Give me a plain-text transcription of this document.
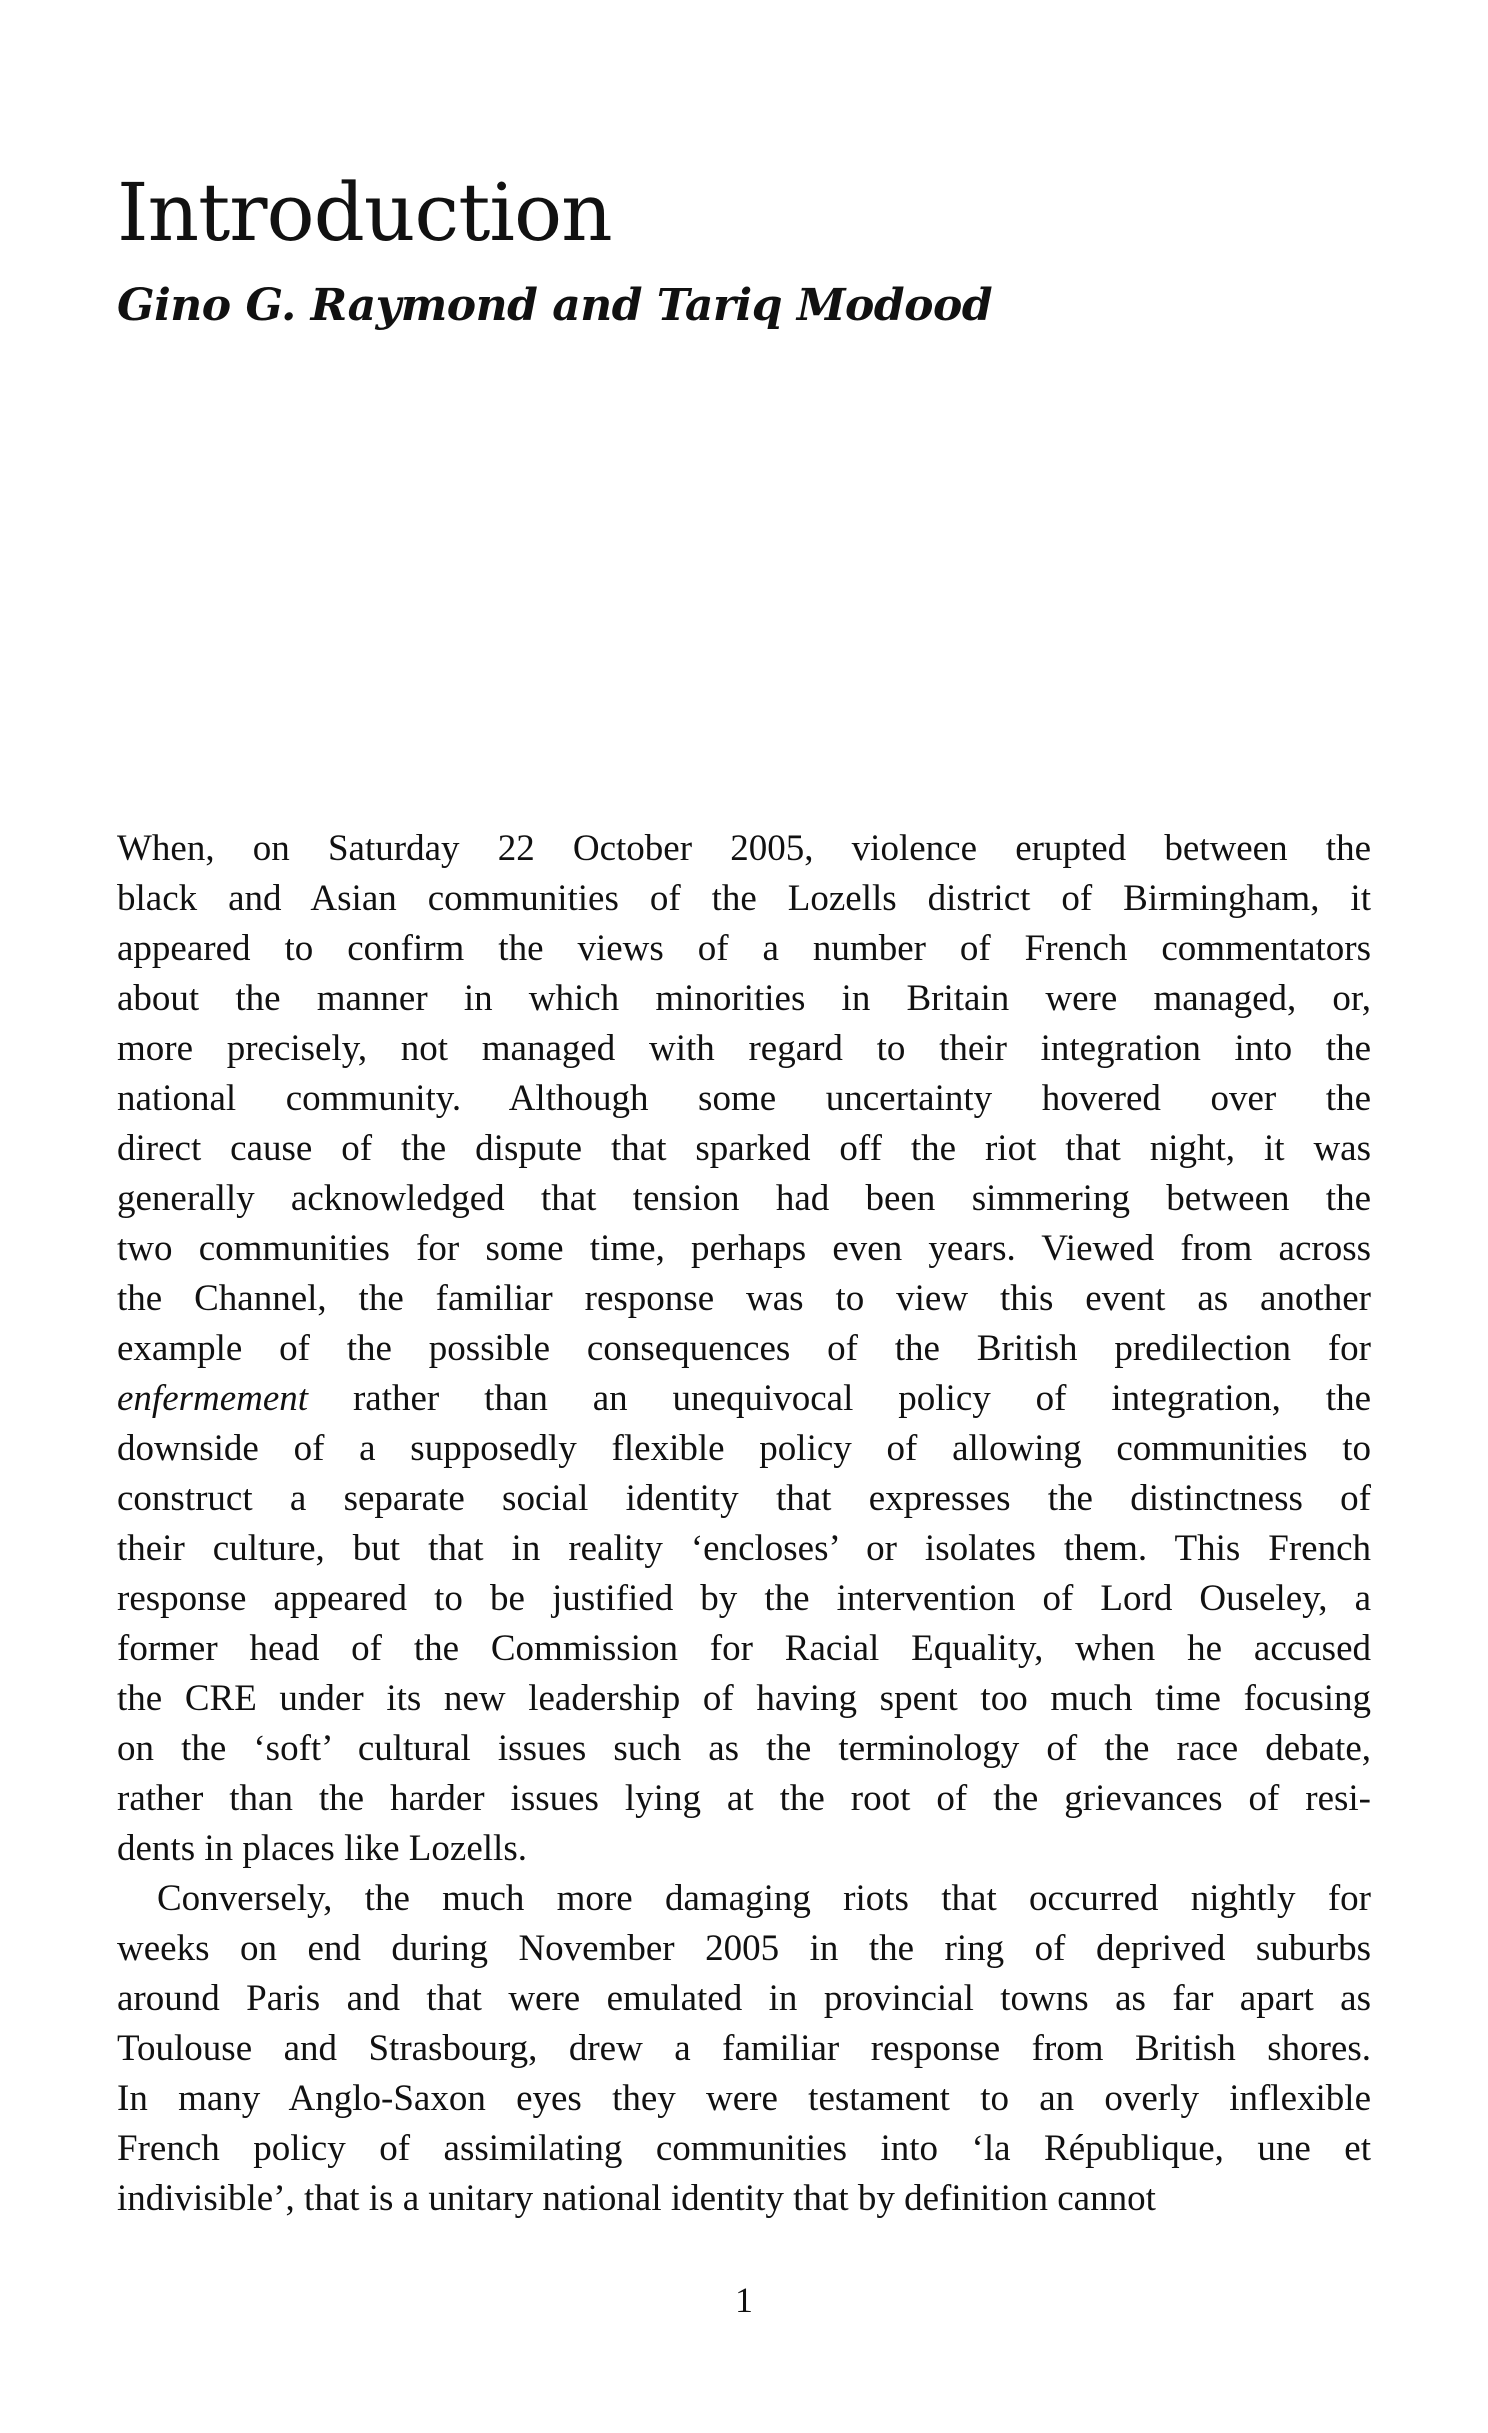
Introduction
Gino G. Raymond and Tariq Modood
When, on Saturday 22 October 2005, violence erupted between the
black and Asian communities of the Lozells district of Birmingham, it
appeared to confirm the views of a number of French commentators
about the manner in which minorities in Britain were managed, or,
more precisely, not managed with regard to their integration into the
national community. Although some uncertainty hovered over the
direct cause of the dispute that sparked off the riot that night, it was
generally acknowledged that tension had been simmering between the
two communities for some time, perhaps even years. Viewed from across
the Channel, the familiar response was to view this event as another
example of the possible consequences of the British predilection for
enfermement rather than an unequivocal policy of integration, the
downside of a supposedly flexible policy of allowing communities to
construct a separate social identity that expresses the distinctness of
their culture, but that in reality ‘encloses’ or isolates them. This French
response appeared to be justified by the intervention of Lord Ouseley, a
former head of the Commission for Racial Equality, when he accused
the CRE under its new leadership of having spent too much time focusing
on the ‘soft’ cultural issues such as the terminology of the race debate,
rather than the harder issues lying at the root of the grievances of resi-
dents in places like Lozells.
Conversely, the much more damaging riots that occurred nightly for
weeks on end during November 2005 in the ring of deprived suburbs
around Paris and that were emulated in provincial towns as far apart as
Toulouse and Strasbourg, drew a familiar response from British shores.
In many Anglo-Saxon eyes they were testament to an overly inflexible
French policy of assimilating communities into ‘la République, une et
indivisible’, that is a unitary national identity that by definition cannot
1
